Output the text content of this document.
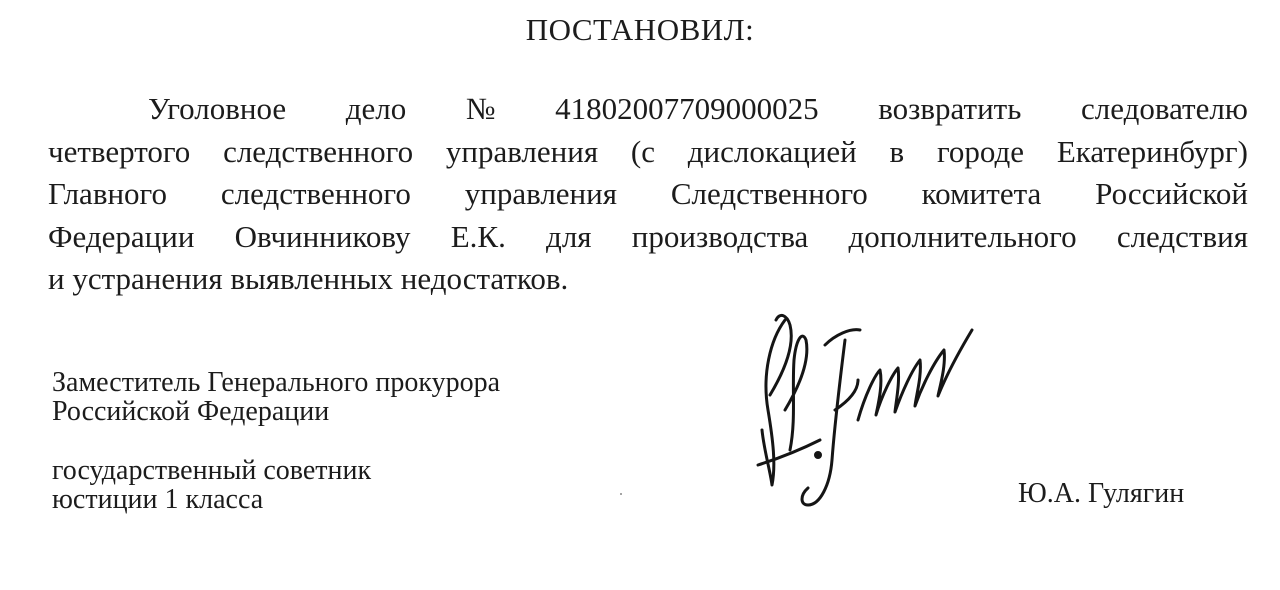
ПОСТАНОВИЛ:
Уголовное дело № 41802007709000025 возвратить следователю
четвертого следственного управления (с дислокацией в городе Екатеринбург)
Главного следственного управления Следственного комитета Российской
Федерации Овчинникову Е.К. для производства дополнительного следствия
и устранения выявленных недостатков.
Заместитель Генерального прокурора
Российской Федерации
государственный советник
юстиции 1 класса	Ю.А. Гулягин
